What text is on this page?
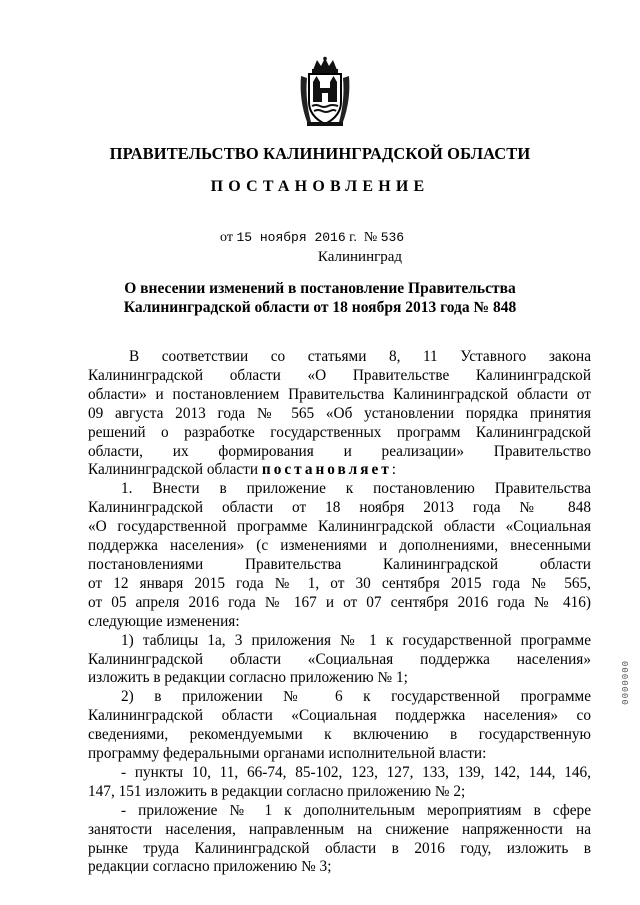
ПРАВИТЕЛЬСТВО КАЛИНИНГРАДСКОЙ ОБЛАСТИ
ПОСТАНОВЛЕНИЕ
от 15 ноября 2016 г. № 536
Калининград
О внесении изменений в постановление Правительства
Калининградской области от 18 ноября 2013 года № 848

В соответствии со статьями 8, 11 Уставного закона

Калининградской области «О Правительстве Калининградской

области» и постановлением Правительства Калининградской области от

09 августа 2013 года № 565 «Об установлении порядка принятия

решений о разработке государственных программ Калининградской

области, их формирования и реализации» Правительство

Калининградской области постановляет:

1. Внести в приложение к постановлению Правительства

Калининградской области от 18 ноября 2013 года № 848

«О государственной программе Калининградской области «Социальная

поддержка населения» (с изменениями и дополнениями, внесенными

постановлениями Правительства Калининградской области

от 12 января 2015 года № 1, от 30 сентября 2015 года № 565,

от 05 апреля 2016 года № 167 и от 07 сентября 2016 года № 416)

следующие изменения:

1) таблицы 1а, 3 приложения № 1 к государственной программе

Калининградской области «Социальная поддержка населения»

изложить в редакции согласно приложению № 1;

2) в приложении № 6 к государственной программе

Калининградской области «Социальная поддержка населения» со

сведениями, рекомендуемыми к включению в государственную

программу федеральными органами исполнительной власти:

- пункты 10, 11, 66-74, 85-102, 123, 127, 133, 139, 142, 144, 146,

147, 151 изложить в редакции согласно приложению № 2;

- приложение № 1 к дополнительным мероприятиям в сфере

занятости населения, направленным на снижение напряженности на

рынке труда Калининградской области в 2016 году, изложить в

редакции согласно приложению № 3;

0000000
